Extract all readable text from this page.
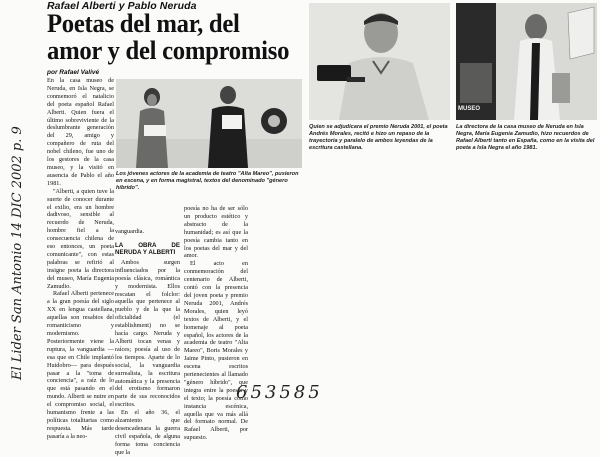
Rafael Alberti y Pablo Neruda
Poetas del mar, del amor y del compromiso
por Rafael Valivé
El Lider San Antonio 14 DIC 2002 p. 9

En la casa museo de Neruda, en Isla Negra, se conmemoró el natalicio del poeta español Rafael Alberti. Quien fuera el último sobreviviente de la deslumbrante generación del 29, amigo y compañero de ruta del nobel chileno, fue uno de los gestores de la casa museo, y la visitó en ausencia de Pablo el año 1981.

"Alberti, a quien tuve la suerte de conocer durante el exilio, era un hombre dadivoso, sensible al recuerdo de Neruda, hombre fiel a la consecuencia chilena de eso entonces, un poeta comunicante", con estas palabras se refirió al insigne poeta la directora del museo, María Eugenia Zamudio.

Rafael Alberti pertenece a la gran poesía del siglo XX en lengua castellana, aquellas son resabios del romanticismo y modernismo. Posteriormente viene la ruptura, la vanguardia —esa que en Chile implantó Huidobro— para después pasar a la "toma de conciencia", a raíz de lo que está pasando en el mundo. Alberti se nutre en el compromiso social, el humanismo frente a las políticas totalitarias como respuesta. Más tarde pasaría a la neo-

Los jóvenes actores de la academia de teatro "Alta Mareo", pusieron en escena, y en forma magistral, textos del denominado "género híbrido".
Quien se adjudicara el premio Neruda 2001, el poeta Andrés Morales, recitó e hizo un repaso de la trayectoria y paralelo de ambos leyendas de la escritura castellana.
MUSEO
La directora de la casa museo de Neruda en Isla Negra, María Eugenia Zamudio, hizo recuerdos de Rafael Alberti tanto en España, como en la visita del poeta a Isla Negra el año 1981.

vanguardia.

LA OBRA DE NERUDA Y ALBERTI

Ambos surgen influenciados por la poesía clásica, romántica y modernista. Ellos rescatan el folclor: aquella que pertenece al pueblo y de la que la oficialidad (el establishment) no se hacía cargo. Neruda y Alberti tocan venas y raíces; poesía al uso de los tiempos. Aparte de lo social, la vanguardia surrealista, la escritura automática y la presencia del erotismo formaron parte de sus reconocidos escritos.

En el año 36, el alzamiento que desencadenara la guerra civil española, de alguna forma toma conciencia que la

poesía no ha de ser sólo un producto estético y abstracto de la humanidad; es así que la poesía cambia tanto en los poetas del mar y del amor.

El acto en conmemoración del centenario de Alberti, contó con la presencia del joven poeta y premio Neruda 2001, Andrés Morales, quien leyó textos de Alberti, y el homenaje al poeta español, los actores de la academia de teatro "Alta Mareo", Boris Morales y Jaime Pinto, pusieron en escena escritos pertenecientes al llamado "género híbrido", que integra entre la poesía y el texto; la poesía como instancia escénica, aquella que va más allá del formato normal. De Rafael Alberti, por supuesto.

653585
